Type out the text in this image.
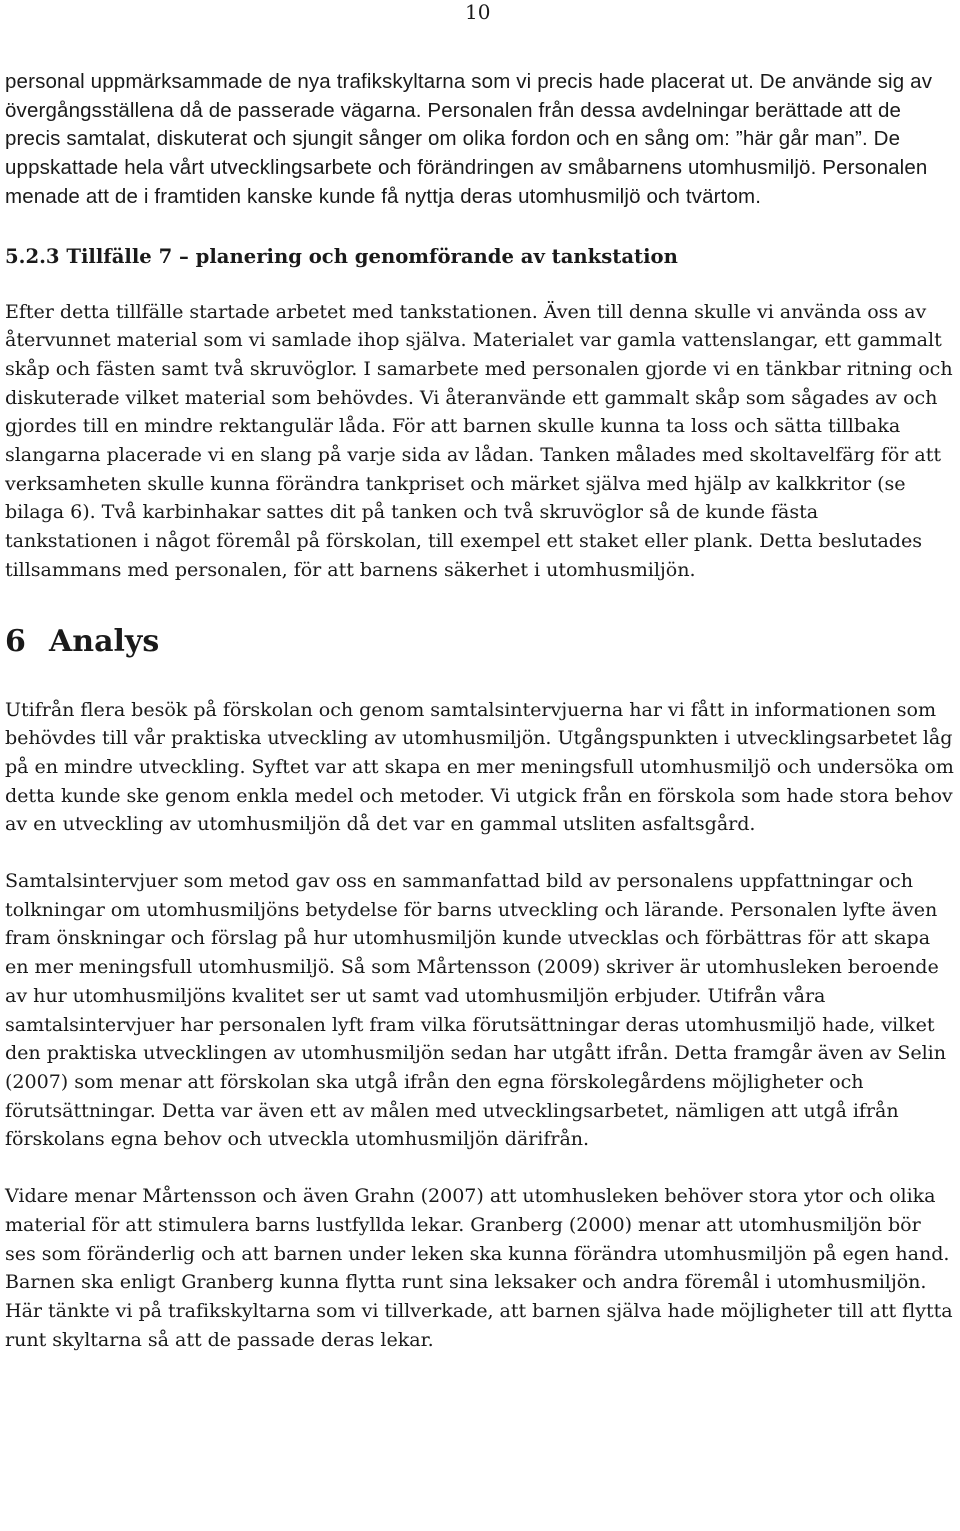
10

personal uppmärksammade de nya trafikskyltarna som vi precis hade placerat ut. De använde sig av övergångsställena då de passerade vägarna. Personalen från dessa avdelningar berättade att de precis samtalat, diskuterat och sjungit sånger om olika fordon och en sång om: ”här går man”. De uppskattade hela vårt utvecklingsarbete och förändringen av småbarnens utomhusmiljö. Personalen menade att de i framtiden kanske kunde få nyttja deras utomhusmiljö och tvärtom.

5.2.3 Tillfälle 7 – planering och genomförande av tankstation

Efter detta tillfälle startade arbetet med tankstationen. Även till denna skulle vi använda oss av återvunnet material som vi samlade ihop själva. Materialet var gamla vattenslangar, ett gammalt skåp och fästen samt två skruvöglor. I samarbete med personalen gjorde vi en tänkbar ritning och diskuterade vilket material som behövdes. Vi återanvände ett gammalt skåp som sågades av och gjordes till en mindre rektangulär låda. För att barnen skulle kunna ta loss och sätta tillbaka slangarna placerade vi en slang på varje sida av lådan. Tanken målades med skoltavelfärg för att verksamheten skulle kunna förändra tankpriset och märket själva med hjälp av kalkkritor (se bilaga 6). Två karbinhakar sattes dit på tanken och två skruvöglor så de kunde fästa tankstationen i något föremål på förskolan, till exempel ett staket eller plank. Detta beslutades tillsammans med personalen, för att barnens säkerhet i utomhusmiljön.

6 Analys

Utifrån flera besök på förskolan och genom samtalsintervjuerna har vi fått in informationen som behövdes till vår praktiska utveckling av utomhusmiljön. Utgångspunkten i utvecklingsarbetet låg på en mindre utveckling. Syftet var att skapa en mer meningsfull utomhusmiljö och undersöka om detta kunde ske genom enkla medel och metoder. Vi utgick från en förskola som hade stora behov av en utveckling av utomhusmiljön då det var en gammal utsliten asfaltsgård.

Samtalsintervjuer som metod gav oss en sammanfattad bild av personalens uppfattningar och tolkningar om utomhusmiljöns betydelse för barns utveckling och lärande. Personalen lyfte även fram önskningar och förslag på hur utomhusmiljön kunde utvecklas och förbättras för att skapa en mer meningsfull utomhusmiljö. Så som Mårtensson (2009) skriver är utomhusleken beroende av hur utomhusmiljöns kvalitet ser ut samt vad utomhusmiljön erbjuder. Utifrån våra samtalsintervjuer har personalen lyft fram vilka förutsättningar deras utomhusmiljö hade, vilket den praktiska utvecklingen av utomhusmiljön sedan har utgått ifrån. Detta framgår även av Selin (2007) som menar att förskolan ska utgå ifrån den egna förskolegårdens möjligheter och förutsättningar. Detta var även ett av målen med utvecklingsarbetet, nämligen att utgå ifrån förskolans egna behov och utveckla utomhusmiljön därifrån.

Vidare menar Mårtensson och även Grahn (2007) att utomhusleken behöver stora ytor och olika material för att stimulera barns lustfyllda lekar. Granberg (2000) menar att utomhusmiljön bör ses som föränderlig och att barnen under leken ska kunna förändra utomhusmiljön på egen hand. Barnen ska enligt Granberg kunna flytta runt sina leksaker och andra föremål i utomhusmiljön. Här tänkte vi på trafikskyltarna som vi tillverkade, att barnen själva hade möjligheter till att flytta runt skyltarna så att de passade deras lekar.
